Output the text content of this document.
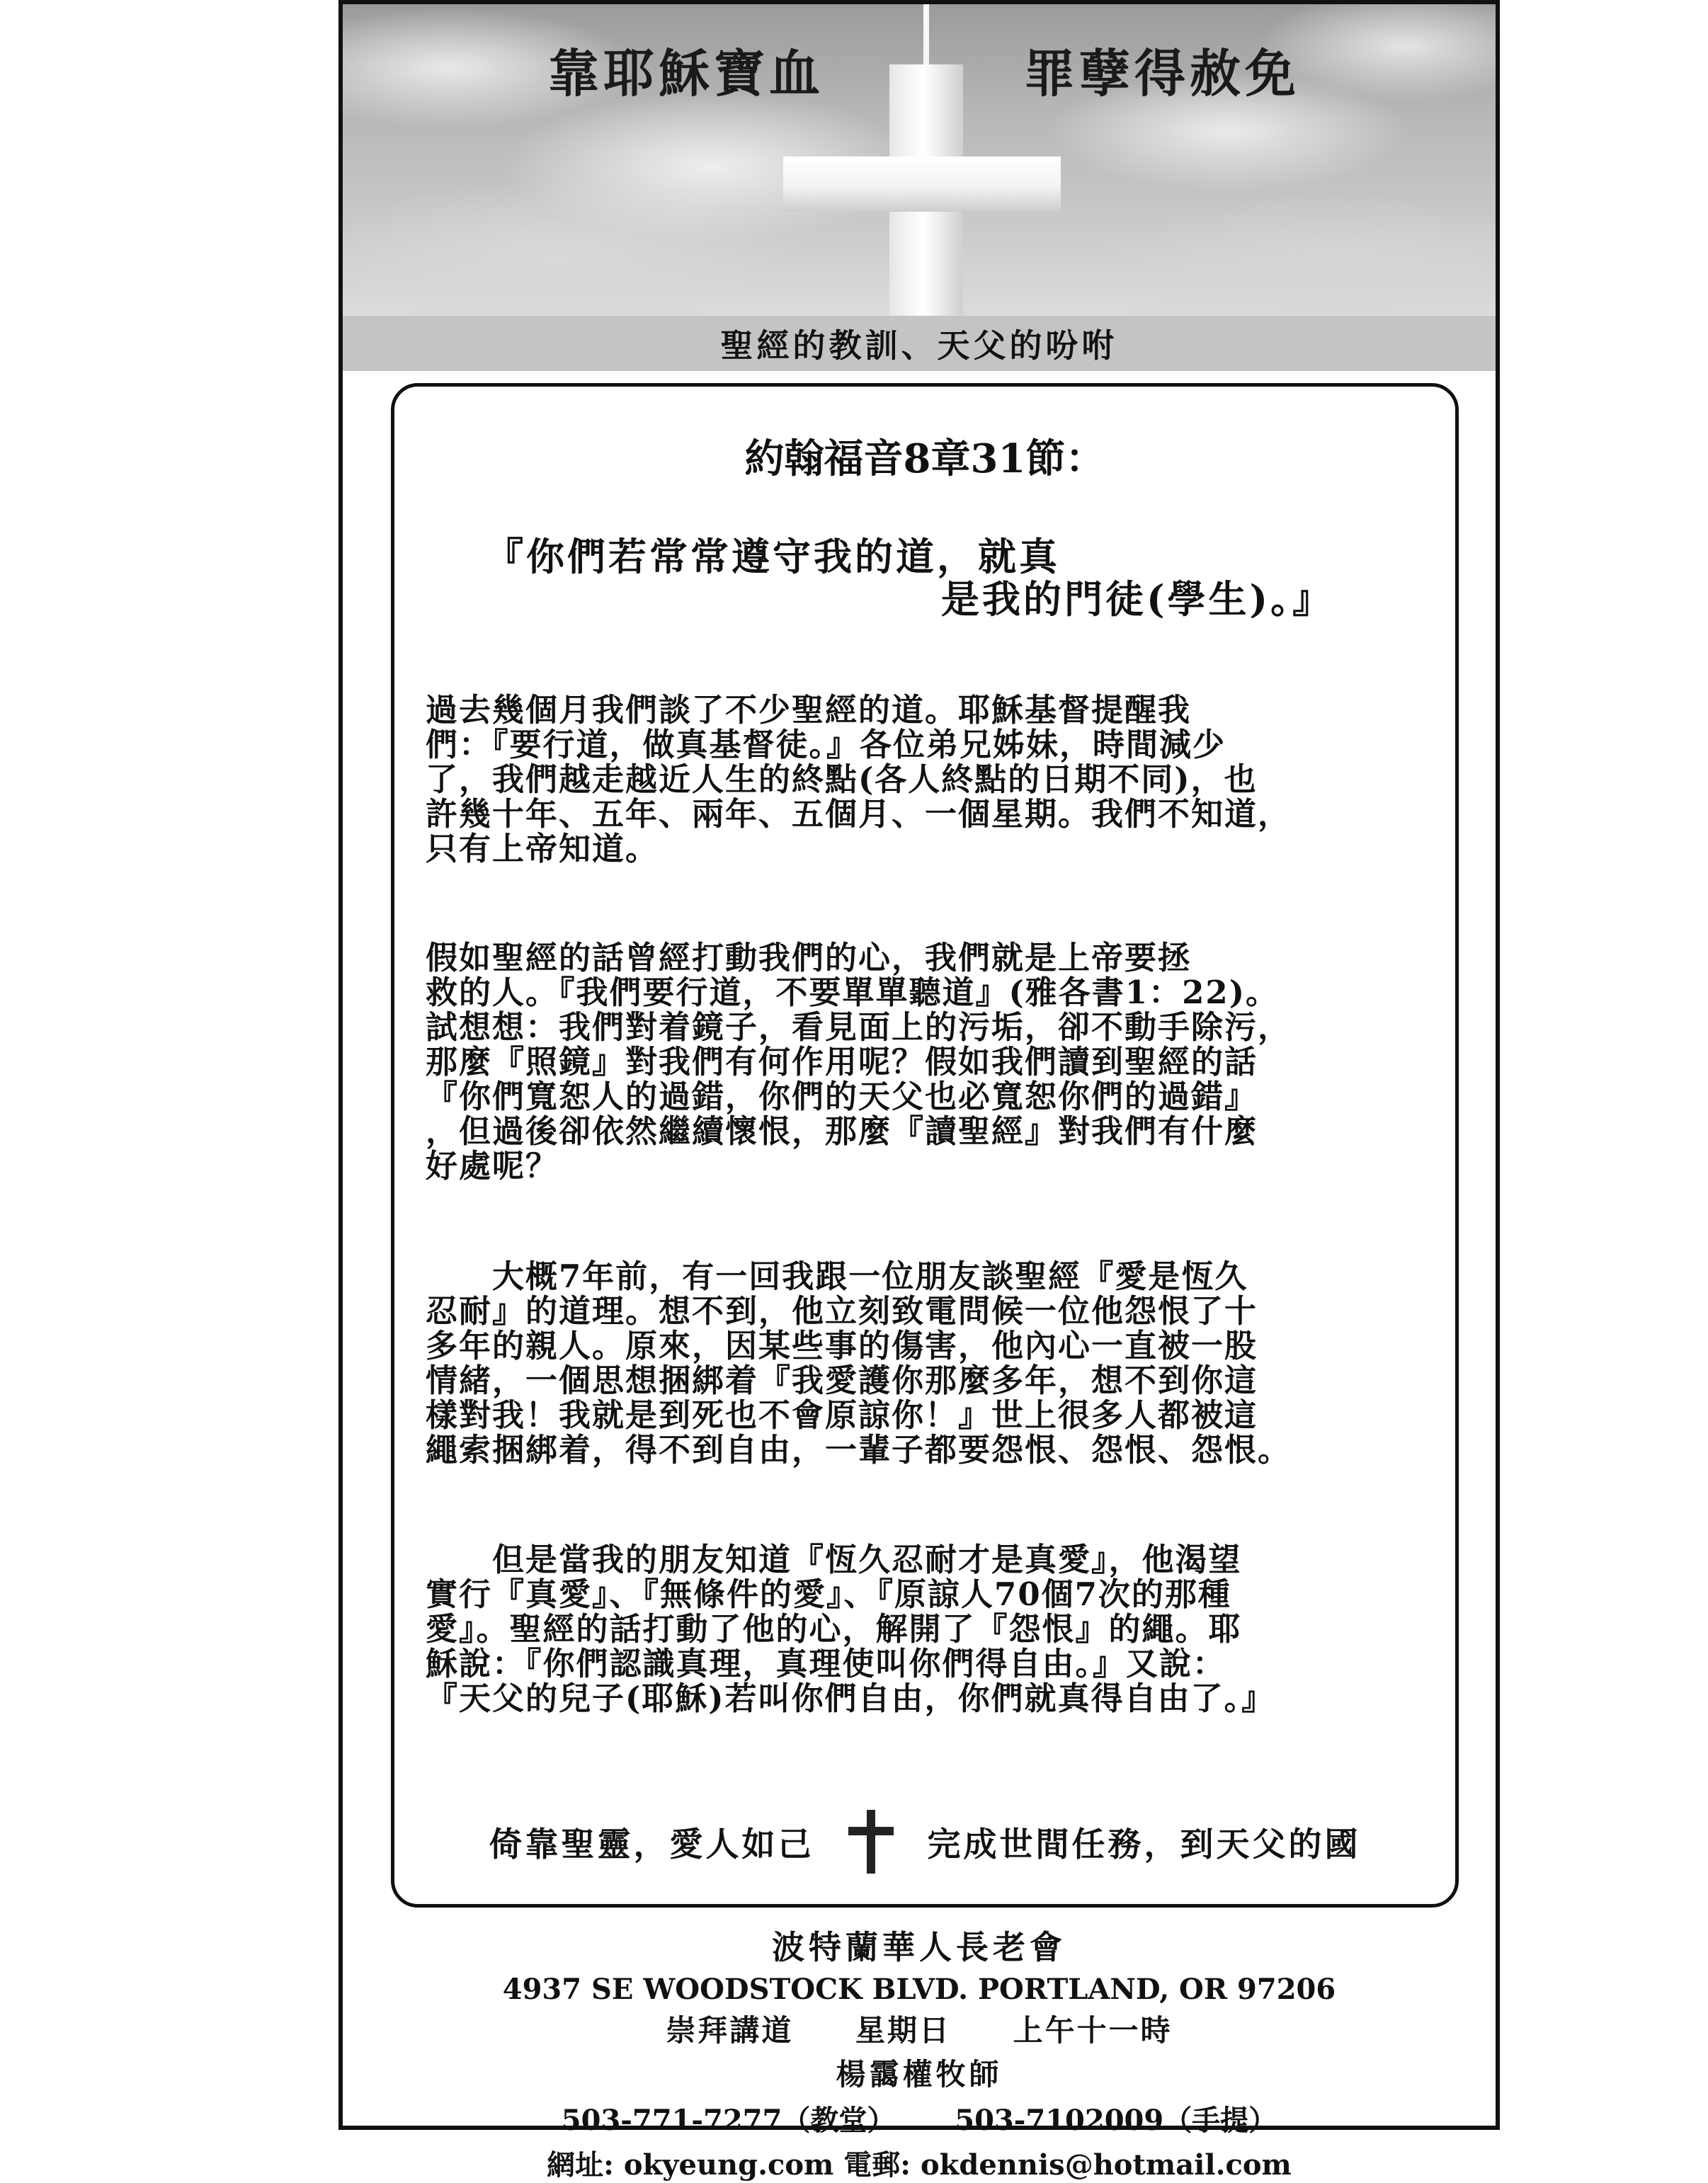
靠耶穌寶血	罪孽得赦免
聖經的教訓、天父的吩咐
約翰福音8章31節：
『你們若常常遵守我的道，就真
是我的門徒(學生)。』
過去幾個月我們談了不少聖經的道。耶穌基督提醒我
們：『要行道，做真基督徒。』各位弟兄姊妹，時間減少
了，我們越走越近人生的終點(各人終點的日期不同)，也
許幾十年、五年、兩年、五個月、一個星期。我們不知道，
只有上帝知道。
假如聖經的話曾經打動我們的心，我們就是上帝要拯
救的人。『我們要行道，不要單單聽道』(雅各書1：22)。
試想想：我們對着鏡子，看見面上的污垢，卻不動手除污，
那麼『照鏡』對我們有何作用呢？假如我們讀到聖經的話
『你們寬恕人的過錯，你們的天父也必寬恕你們的過錯』
，但過後卻依然繼續懷恨，那麼『讀聖經』對我們有什麼
好處呢？
　　大概7年前，有一回我跟一位朋友談聖經『愛是恆久
忍耐』的道理。想不到，他立刻致電問候一位他怨恨了十
多年的親人。原來，因某些事的傷害，他內心一直被一股
情緒，一個思想捆綁着『我愛護你那麼多年，想不到你這
樣對我！我就是到死也不會原諒你！』世上很多人都被這
繩索捆綁着，得不到自由，一輩子都要怨恨、怨恨、怨恨。
　　但是當我的朋友知道『恆久忍耐才是真愛』，他渴望
實行『真愛』、『無條件的愛』、『原諒人70個7次的那種
愛』。聖經的話打動了他的心，解開了『怨恨』的繩。耶
穌說：『你們認識真理，真理使叫你們得自由。』又說：
『天父的兒子(耶穌)若叫你們自由，你們就真得自由了。』
倚靠聖靈，愛人如己	完成世間任務，到天父的國
波特蘭華人長老會
4937 SE WOODSTOCK BLVD. PORTLAND, OR 97206
崇拜講道 星期日 上午十一時
楊靄權牧師
503-771-7277（教堂） 503-7102009（手提）
網址: okyeung.com 電郵: okdennis@hotmail.com
